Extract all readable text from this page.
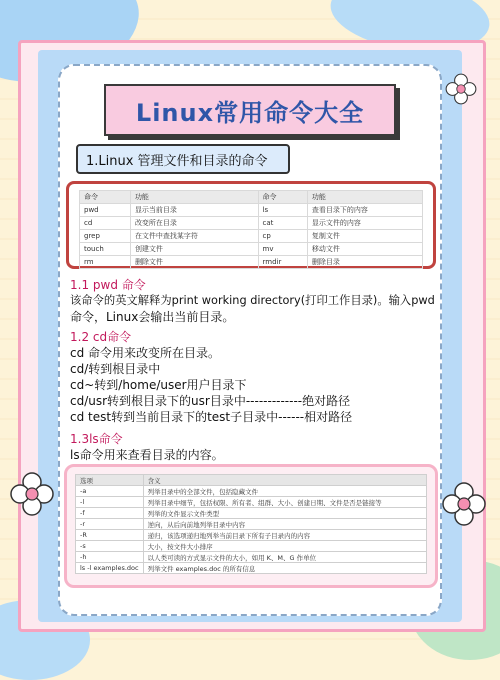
Linux常用命令大全
1.Linux 管理文件和目录的命令
命令	功能	命令	功能
pwd	显示当前目录	ls	查看目录下的内容
cd	改变所在目录	cat	显示文件的内容
grep	在文件中查找某字符	cp	复制文件
touch	创建文件	mv	移动文件
rm	删除文件	rmdir	删除目录
1.1 pwd 命令
该命令的英文解释为print working directory(打印工作目录)。输入pwd
命令，Linux会输出当前目录。
1.2 cd命令
cd 命令用来改变所在目录。
cd/转到根目录中
cd~转到/home/user用户目录下
cd/usr转到根目录下的usr目录中-------------绝对路径
cd test转到当前目录下的test子目录中------相对路径
1.3ls命令
ls命令用来查看目录的内容。
选项	含义
-a	列举目录中的全部文件，包括隐藏文件
-l	列举目录中细节，包括权限、所有者、组群、大小、创建日期、文件是否是链接等
-f	列举的文件显示文件类型
-r	逆向，从后向前地列举目录中内容
-R	递归，该选项递归地列举当前目录下所有子目录内的内容
-s	大小，按文件大小排序
-h	以人类可读的方式显示文件的大小，如用 K、M、G 作单位
ls -l examples.doc	列举文件 examples.doc 的所有信息
